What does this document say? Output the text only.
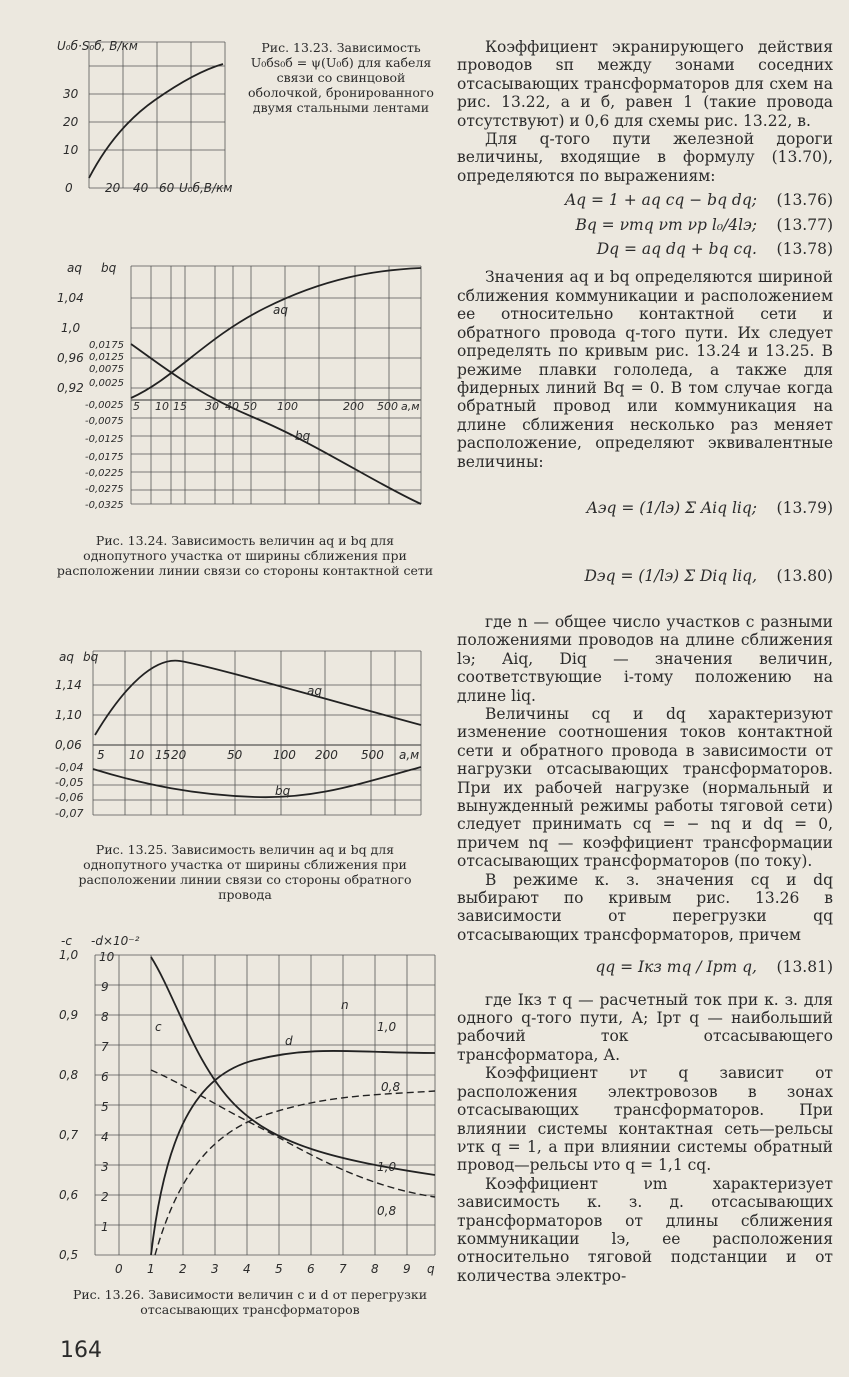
U₀б·S₀б, В/км
0
10
20
30
20 40 60 U₀б,В/км
Рис. 13.23. Зависимость U₀бs₀б = ψ(U₀б) для кабеля связи со свинцовой оболочкой, бронированного двумя стальными лентами
aq bq
aq
bq
1,04
1,0
0,96
0,92
0,0175
0,0125
0,0075
0,0025
-0,0025
-0,0075
-0,0125
-0,0175
-0,0225
-0,0275
-0,0325
5 10 15 30 40 50 100	200 500 а,м
Рис. 13.24. Зависимость величин aq и bq для однопутного участка от ширины сближения при расположении линии связи со стороны контактной сети
aq bq
aq
bq
1,14
1,10
0,06
-0,04
-0,05
-0,06
-0,07
5 10 15 20	50	100 200 500 а,м
Рис. 13.25. Зависимость величин aq и bq для однопутного участка от ширины сближения при расположении линии связи со стороны обратного провода
-c -d×10⁻²
1,0
0,9
0,8
0,7
0,6
0,5
10
9
8
7
6
5
4
3
2
1
0 1 2 3 4 5 6 7 8 9 q
c
d
n
1,0
0,8
1,0
0,8
Рис. 13.26. Зависимости величин c и d от перегрузки отсасывающих трансформаторов

Коэффициент экранирующего действия проводов sп между зонами соседних отсасывающих трансформаторов для схем на рис. 13.22, а и б, равен 1 (такие провода отсутствуют) и 0,6 для схемы рис. 13.22, в.

Для q-того пути железной дороги величины, входящие в формулу (13.70), определяются по выражениям:

Aq = 1 + aq cq − bq dq; (13.76)
Bq = νтq νm νр l₀/4lэ; (13.77)
Dq = aq dq + bq cq. (13.78)

Значения aq и bq определяются шириной сближения коммуникации и расположением ее относительно контактной сети и обратного провода q-того пути. Их следует определять по кривым рис. 13.24 и 13.25. В режиме плавки гололеда, а также для фидерных линий Bq = 0. В том случае когда обратный провод или коммуникация на длине сближения несколько раз меняет расположение, определяют эквивалентные величины:

Aэq = (1/lэ) Σ Aiq liq; (13.79)
Dэq = (1/lэ) Σ Diq liq, (13.80)

где n — общее число участков с разными положениями проводов на длине сближения lэ; Aiq, Diq — значения величин, соответствующие i-тому положению на длине liq.

Величины cq и dq характеризуют изменение соотношения токов контактной сети и обратного провода в зависимости от нагрузки отсасывающих трансформаторов. При их рабочей нагрузке (нормальный и вынужденный режимы работы тяговой сети) следует принимать cq = − nq и dq = 0, причем nq — коэффициент трансформации отсасывающих трансформаторов (по току).

В режиме к. з. значения cq и dq выбирают по кривым рис. 13.26 в зависимости от перегрузки qq отсасывающих трансформаторов, причем

qq = Iкз тq / Iрт q, (13.81)

где Iкз т q — расчетный ток при к. з. для одного q-того пути, А; Iрт q — наибольший рабочий ток отсасывающего трансформатора, А.

Коэффициент νт q зависит от расположения электровозов в зонах отсасывающих трансформаторов. При влиянии системы контактная сеть—рельсы νтк q = 1, а при влиянии системы обратный провод—рельсы νто q = 1,1 cq.

Коэффициент νm характеризует зависимость к. з. д. отсасывающих трансформаторов от длины сближения коммуникации lэ, ее расположения относительно тяговой подстанции и от количества электро-

164
